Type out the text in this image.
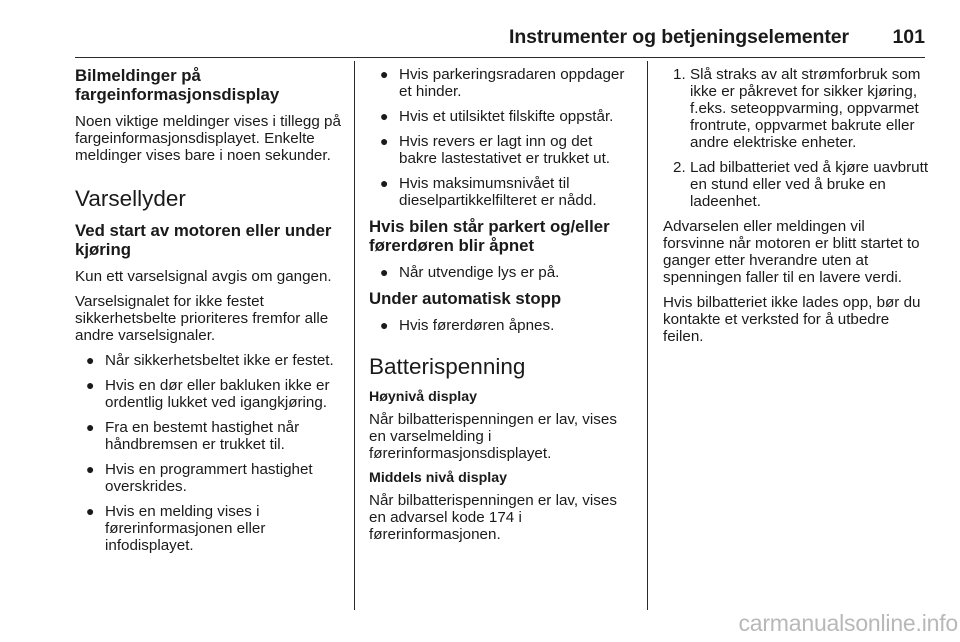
Instrumenter og betjeningselementer 101
Bilmeldinger på fargeinformasjonsdisplay

Noen viktige meldinger vises i tillegg på fargeinformasjonsdisplayet. Enkelte meldinger vises bare i noen sekunder.

Varsellyder
Ved start av motoren eller under kjøring

Kun ett varselsignal avgis om gangen.

Varselsignalet for ikke festet sikkerhetsbelte prioriteres fremfor alle andre varselsignaler.

● Når sikkerhetsbeltet ikke er festet.
● Hvis en dør eller bakluken ikke er ordentlig lukket ved igangkjøring.
● Fra en bestemt hastighet når håndbremsen er trukket til.
● Hvis en programmert hastighet overskrides.
● Hvis en melding vises i førerinformasjonen eller infodisplayet.
● Hvis parkeringsradaren oppdager et hinder.
● Hvis et utilsiktet filskifte oppstår.
● Hvis revers er lagt inn og det bakre lastestativet er trukket ut.
● Hvis maksimumsnivået til dieselpartikkelfilteret er nådd.
Hvis bilen står parkert og/eller førerdøren blir åpnet
● Når utvendige lys er på.
Under automatisk stopp
● Hvis førerdøren åpnes.
Batterispenning
Høynivå display

Når bilbatterispenningen er lav, vises en varselmelding i førerinformasjonsdisplayet.

Middels nivå display

Når bilbatterispenningen er lav, vises en advarsel kode 174 i førerinformasjonen.

1. Slå straks av alt strømforbruk som ikke er påkrevet for sikker kjøring, f.eks. seteoppvarming, oppvarmet frontrute, oppvarmet bakrute eller andre elektriske enheter.
2. Lad bilbatteriet ved å kjøre uavbrutt en stund eller ved å bruke en ladeenhet.

Advarselen eller meldingen vil forsvinne når motoren er blitt startet to ganger etter hverandre uten at spenningen faller til en lavere verdi.

Hvis bilbatteriet ikke lades opp, bør du kontakte et verksted for å utbedre feilen.

carmanualsonline.info
